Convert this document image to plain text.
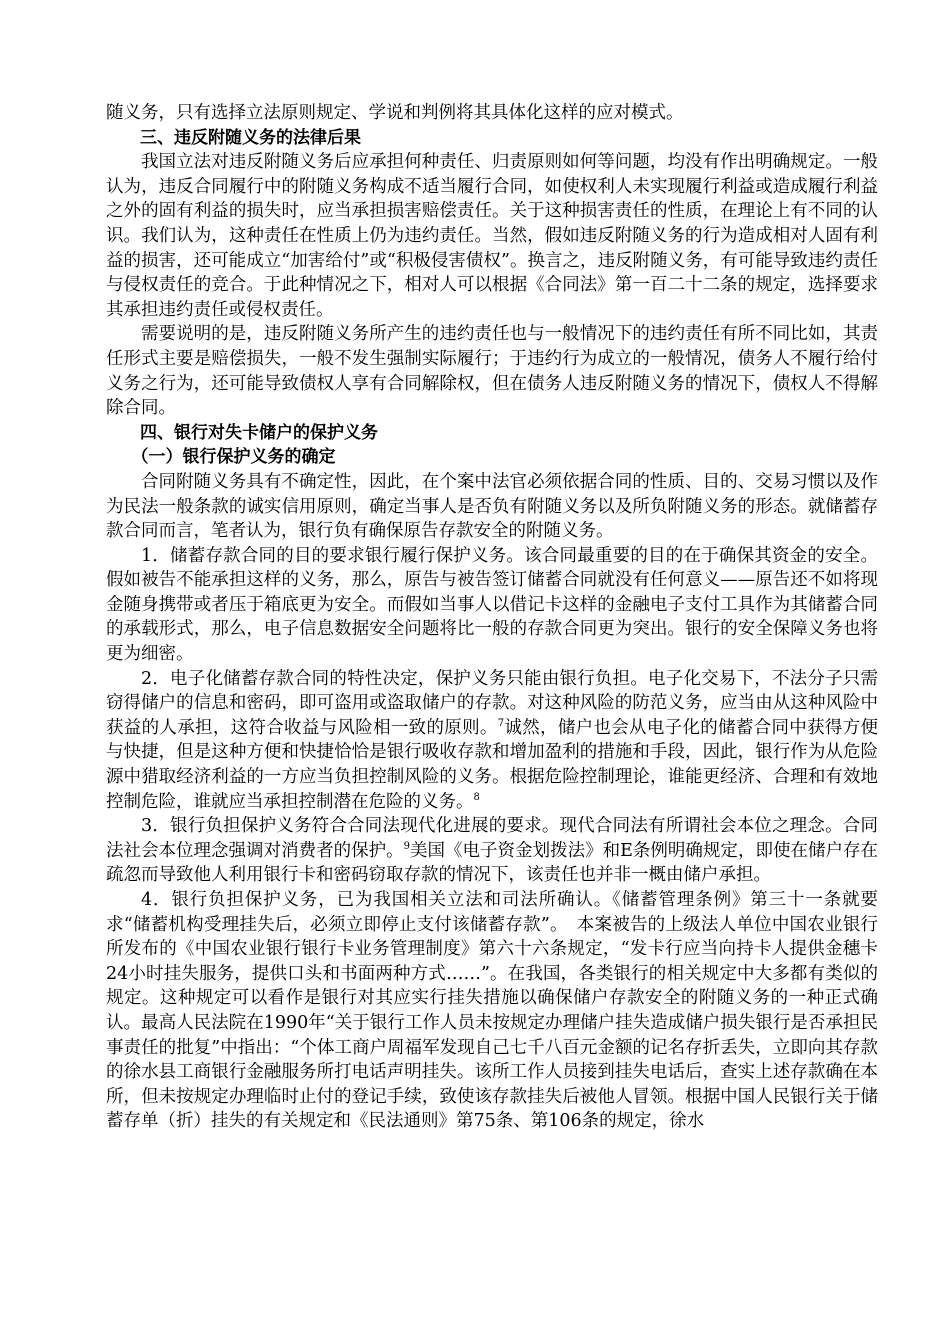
随义务，只有选择立法原则规定、学说和判例将其具体化这样的应对模式。

三、违反附随义务的法律后果

我国立法对违反附随义务后应承担何种责任、归责原则如何等问题，均没有作出明确规定。一般认为，违反合同履行中的附随义务构成不适当履行合同，如使权利人未实现履行利益或造成履行利益之外的固有利益的损失时，应当承担损害赔偿责任。关于这种损害责任的性质，在理论上有不同的认识。我们认为，这种责任在性质上仍为违约责任。当然，假如违反附随义务的行为造成相对人固有利益的损害，还可能成立“加害给付”或“积极侵害债权”。换言之，违反附随义务，有可能导致违约责任与侵权责任的竞合。于此种情况之下，相对人可以根据《合同法》第一百二十二条的规定，选择要求其承担违约责任或侵权责任。

需要说明的是，违反附随义务所产生的违约责任也与一般情况下的违约责任有所不同比如，其责任形式主要是赔偿损失，一般不发生强制实际履行；于违约行为成立的一般情况，债务人不履行给付义务之行为，还可能导致债权人享有合同解除权，但在债务人违反附随义务的情况下，债权人不得解除合同。

四、银行对失卡储户的保护义务

（一）银行保护义务的确定

合同附随义务具有不确定性，因此，在个案中法官必须依据合同的性质、目的、交易习惯以及作为民法一般条款的诚实信用原则，确定当事人是否负有附随义务以及所负附随义务的形态。就储蓄存款合同而言，笔者认为，银行负有确保原告存款安全的附随义务。

1．储蓄存款合同的目的要求银行履行保护义务。该合同最重要的目的在于确保其资金的安全。假如被告不能承担这样的义务，那么，原告与被告签订储蓄合同就没有任何意义——原告还不如将现金随身携带或者压于箱底更为安全。而假如当事人以借记卡这样的金融电子支付工具作为其储蓄合同的承载形式，那么，电子信息数据安全问题将比一般的存款合同更为突出。银行的安全保障义务也将更为细密。

2．电子化储蓄存款合同的特性决定，保护义务只能由银行负担。电子化交易下，不法分子只需窃得储户的信息和密码，即可盗用或盗取储户的存款。对这种风险的防范义务，应当由从这种风险中获益的人承担，这符合收益与风险相一致的原则。$^7$诚然，储户也会从电子化的储蓄合同中获得方便与快捷，但是这种方便和快捷恰恰是银行吸收存款和增加盈利的措施和手段，因此，银行作为从危险源中猎取经济利益的一方应当负担控制风险的义务。根据危险控制理论，谁能更经济、合理和有效地控制危险，谁就应当承担控制潜在危险的义务。$^8$

3．银行负担保护义务符合合同法现代化进展的要求。现代合同法有所谓社会本位之理念。合同法社会本位理念强调对消费者的保护。$^9$美国《电子资金划拨法》和E条例明确规定，即使在储户存在疏忽而导致他人利用银行卡和密码窃取存款的情况下，该责任也并非一概由储户承担。

4．银行负担保护义务，已为我国相关立法和司法所确认。《储蓄管理条例》第三十一条就要求“储蓄机构受理挂失后，必须立即停止支付该储蓄存款”。　本案被告的上级法人单位中国农业银行所发布的《中国农业银行银行卡业务管理制度》第六十六条规定，“发卡行应当向持卡人提供金穗卡24小时挂失服务，提供口头和书面两种方式……”。在我国，各类银行的相关规定中大多都有类似的规定。这种规定可以看作是银行对其应实行挂失措施以确保储户存款安全的附随义务的一种正式确认。最高人民法院在1990年“关于银行工作人员未按规定办理储户挂失造成储户损失银行是否承担民事责任的批复”中指出：“个体工商户周福军发现自己七千八百元金额的记名存折丢失，立即向其存款的徐水县工商银行金融服务所打电话声明挂失。该所工作人员接到挂失电话后，查实上述存款确在本所，但未按规定办理临时止付的登记手续，致使该存款挂失后被他人冒领。根据中国人民银行关于储蓄存单（折）挂失的有关规定和《民法通则》第75条、第106条的规定，徐水
